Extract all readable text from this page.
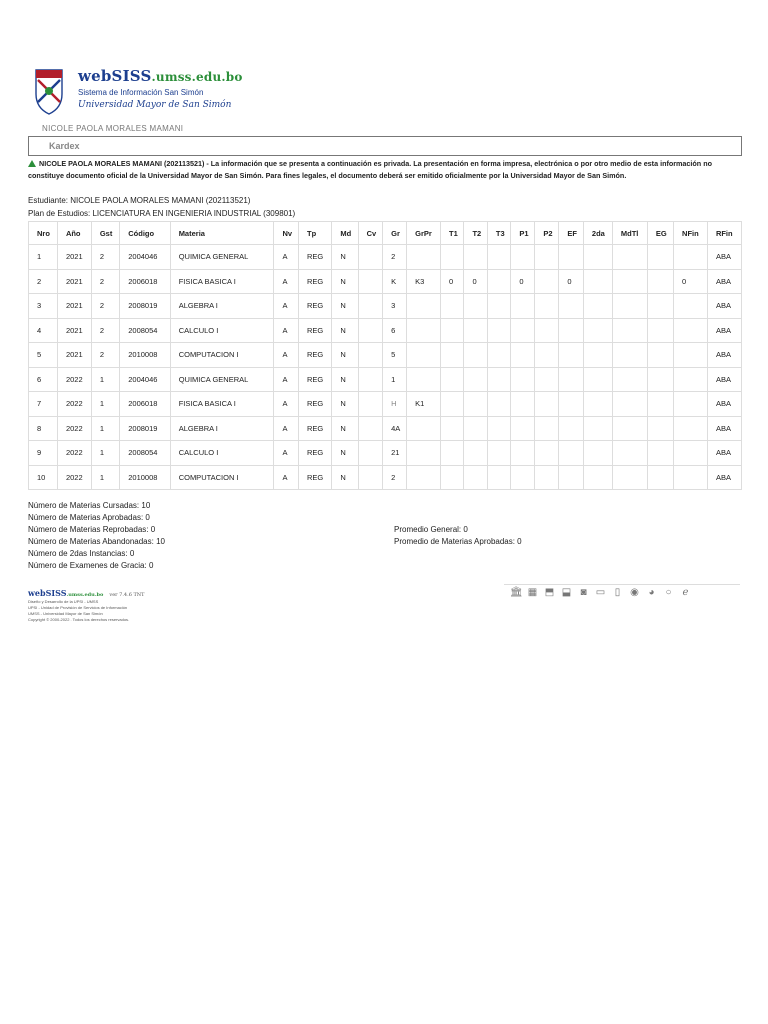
webSISS.umss.edu.bo
Sistema de Información San Simón
Universidad Mayor de San Simón
NICOLE PAOLA MORALES MAMANI
Kardex
NICOLE PAOLA MORALES MAMANI (202113521) - La información que se presenta a continuación es privada. La presentación en forma impresa, electrónica o por otro medio de esta información no constituye documento oficial de la Universidad Mayor de San Simón. Para fines legales, el documento deberá ser emitido oficialmente por la Universidad Mayor de San Simón.
Estudiante: NICOLE PAOLA MORALES MAMANI (202113521)
Plan de Estudios: LICENCIATURA EN INGENIERIA INDUSTRIAL (309801)
Nro	Año	Gst	Código	Materia	Nv	Tp	Md	Cv	Gr	GrPr	T1	T2	T3	P1	P2	EF	2da	MdTl	EG	NFin	RFin
1	2021	2	2004046	QUIMICA GENERAL	A	REG	N		2												ABA
2	2021	2	2006018	FISICA BASICA I	A	REG	N		K	K3	0	0		0		0				0	ABA
3	2021	2	2008019	ALGEBRA I	A	REG	N		3												ABA
4	2021	2	2008054	CALCULO I	A	REG	N		6												ABA
5	2021	2	2010008	COMPUTACION I	A	REG	N		5												ABA
6	2022	1	2004046	QUIMICA GENERAL	A	REG	N		1												ABA
7	2022	1	2006018	FISICA BASICA I	A	REG	N		H	K1											ABA
8	2022	1	2008019	ALGEBRA I	A	REG	N		4A												ABA
9	2022	1	2008054	CALCULO I	A	REG	N		21												ABA
10	2022	1	2010008	COMPUTACION I	A	REG	N		2												ABA
Número de Materias Cursadas: 10
Número de Materias Aprobadas: 0
Número de Materias Reprobadas: 0
Número de Materias Abandonadas: 10
Número de 2das Instancias: 0
Número de Examenes de Gracia: 0
Promedio General: 0
Promedio de Materias Aprobadas: 0
webSISS.umss.edu.bo ver 7.4.6 TNT
Diseño y Desarrollo de la UPSI - UMSS
UPSI - Unidad de Provisión de Servicios de Información
UMSS - Universidad Mayor de San Simón
Copyright © 2000-2022 . Todos los derechos reservados.
🏛 ▦ ⬒ ⬓ ◙ ▭ ▯ ◉ ◕ ○ ℯ
